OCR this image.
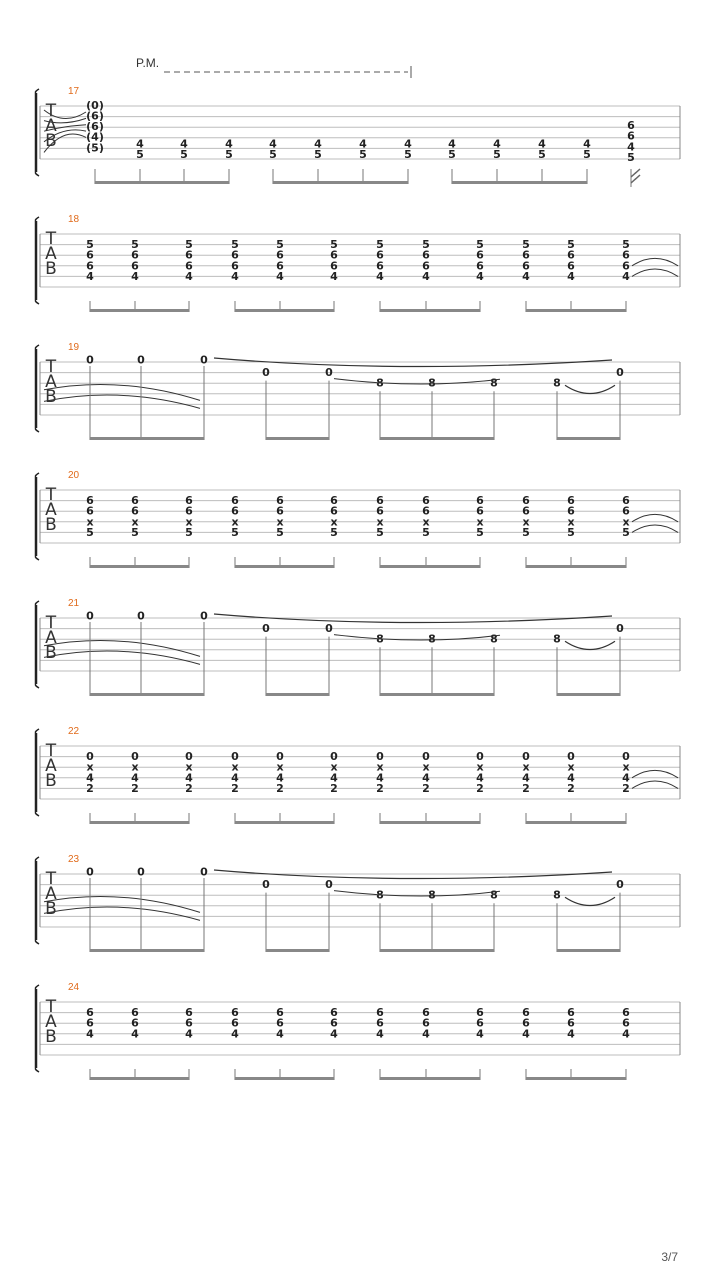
T
A
B
17
P.M.
(0)
(6)
(6)
(4)
(5)	4
5
4
5
4
5
4
5
4
5
4
5
4
5
4
5
4
5
4
5
4
5
6
6
4
5
T
A
B
18
5
6
6
4
5
6
6
4
5
6
6
4
5
6
6
4
5
6
6
4
5
6
6
4
5
6
6
4
5
6
6
4
5
6
6
4
5
6
6
4
5
6
6
4
5
6
6
4
T
A
B
19
0	0	0
0	0
8	8	8	8
0
T
A
B
20
6
6
x
5
6
6
x
5
6
6
x
5
6
6
x
5
6
6
x
5
6
6
x
5
6
6
x
5
6
6
x
5
6
6
x
5
6
6
x
5
6
6
x
5
6
6
x
5
T
A
B
21
0	0	0
0	0
8	8	8	8
0
T
A
B
22
0
x
4
2
0
x
4
2
0
x
4
2
0
x
4
2
0
x
4
2
0
x
4
2
0
x
4
2
0
x
4
2
0
x
4
2
0
x
4
2
0
x
4
2
0
x
4
2
T
A
B
23
0	0	0
0	0
8	8	8	8
0
T
A
B
24
6
6
4
6
6
4
6
6
4
6
6
4
6
6
4
6
6
4
6
6
4
6
6
4
6
6
4
6
6
4
6
6
4
6
6
4
3/7
